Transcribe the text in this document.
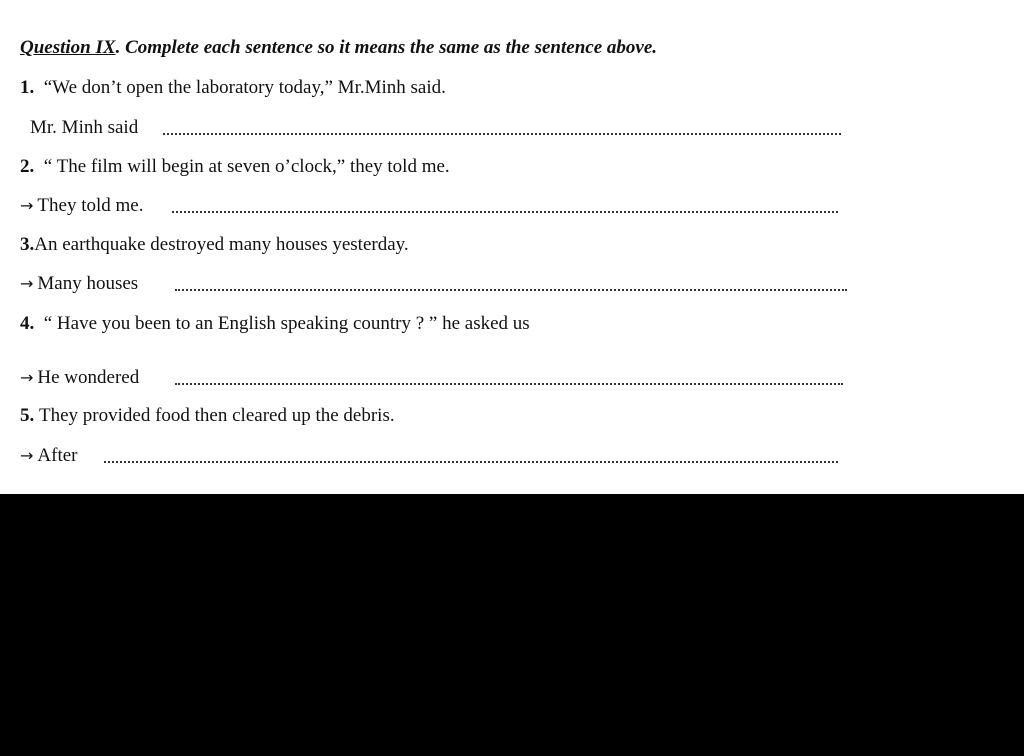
Question IX. Complete each sentence so it means the same as the sentence above.
1. “We don’t open the laboratory today,” Mr.Minh said.
Mr. Minh said
2. “ The film will begin at seven o’clock,” they told me.
→ They told me.
3.An earthquake destroyed many houses yesterday.
→ Many houses
4. “ Have you been to an English speaking country ? ” he asked us
→ He wondered
5. They provided food then cleared up the debris.
→ After
